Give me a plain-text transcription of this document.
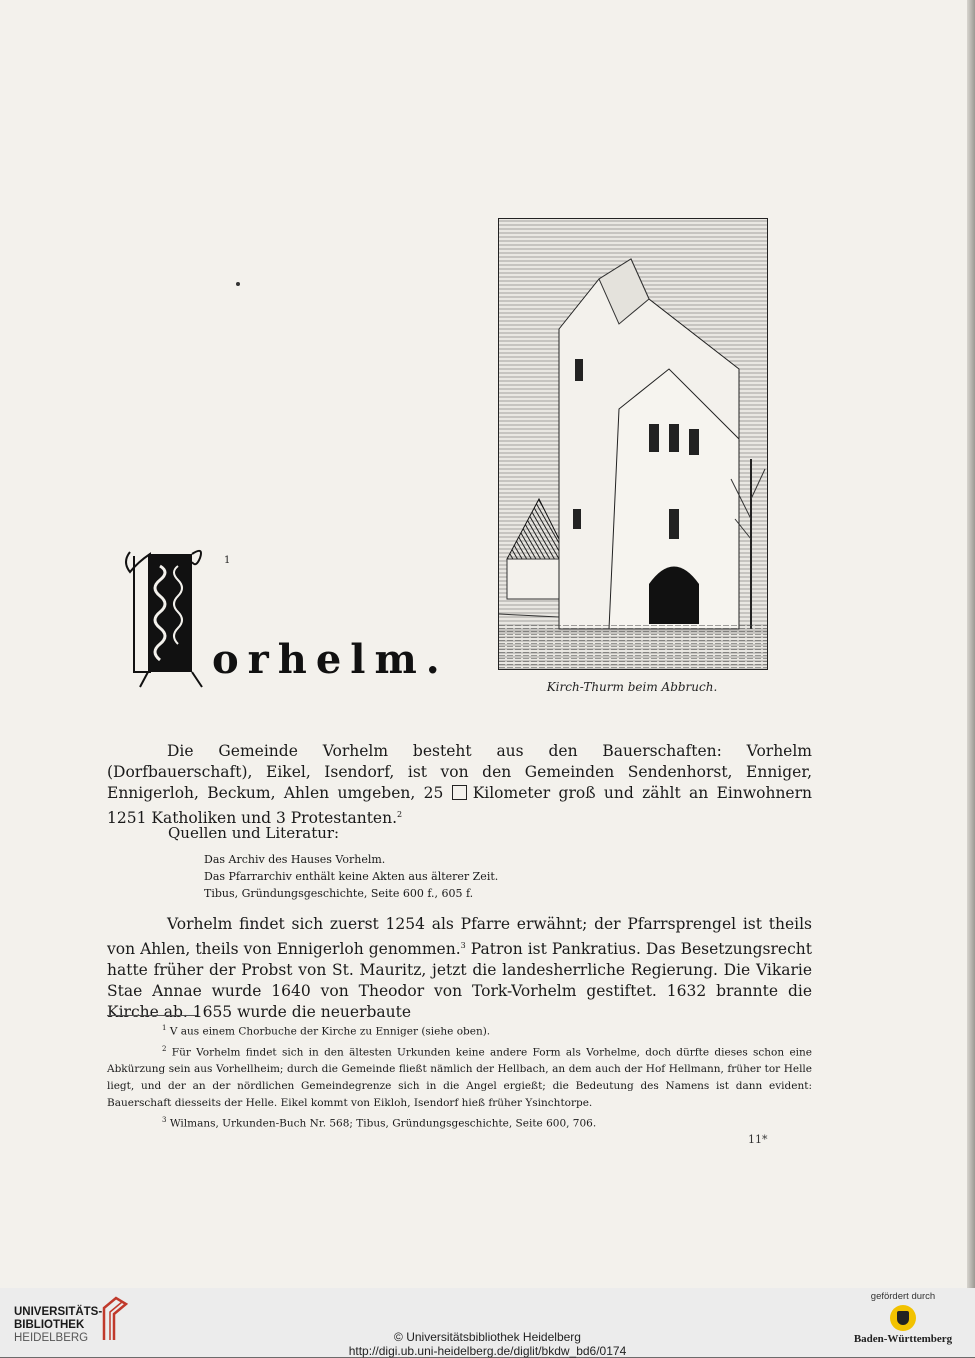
Kirch-Thurm beim Abbruch.
1
orhelm.
Die Gemeinde Vorhelm besteht aus den Bauerschaften: Vorhelm (Dorfbauerschaft), Eikel, Isendorf, ist von den Gemeinden Sendenhorst, Enniger, Ennigerloh, Beckum, Ahlen umgeben, 25 Kilometer groß und zählt an Einwohnern 1251 Katholiken und 3 Protestanten.$^2$
Quellen und Literatur:
Das Archiv des Hauses Vorhelm.
Das Pfarrarchiv enthält keine Akten aus älterer Zeit.
Tibus, Gründungsgeschichte, Seite 600 f., 605 f.
Vorhelm findet sich zuerst 1254 als Pfarre erwähnt; der Pfarrsprengel ist theils von Ahlen, theils von Ennigerloh genommen.$^3$ Patron ist Pankratius. Das Besetzungsrecht hatte früher der Probst von St. Mauritz, jetzt die landesherrliche Regierung. Die Vikarie Stae Annae wurde 1640 von Theodor von Tork-Vorhelm gestiftet. 1632 brannte die Kirche ab. 1655 wurde die neuerbaute

$^1$ V aus einem Chorbuche der Kirche zu Enniger (siehe oben).

$^2$ Für Vorhelm findet sich in den ältesten Urkunden keine andere Form als Vorhelme, doch dürfte dieses schon eine Abkürzung sein aus Vorhellheim; durch die Gemeinde fließt nämlich der Hellbach, an dem auch der Hof Hellmann, früher tor Helle liegt, und der an der nördlichen Gemeindegrenze sich in die Angel ergießt; die Bedeutung des Namens ist dann evident: Bauerschaft diesseits der Helle. Eikel kommt von Eikloh, Isendorf hieß früher Ysinchtorpe.

$^3$ Wilmans, Urkunden-Buch Nr. 568; Tibus, Gründungsgeschichte, Seite 600, 706.

11*
UNIVERSITÄTS-
BIBLIOTHEK
HEIDELBERG	© Universitätsbibliothek Heidelberg
http://digi.ub.uni-heidelberg.de/diglit/bkdw_bd6/0174
gefördert durch
Baden-Württemberg
